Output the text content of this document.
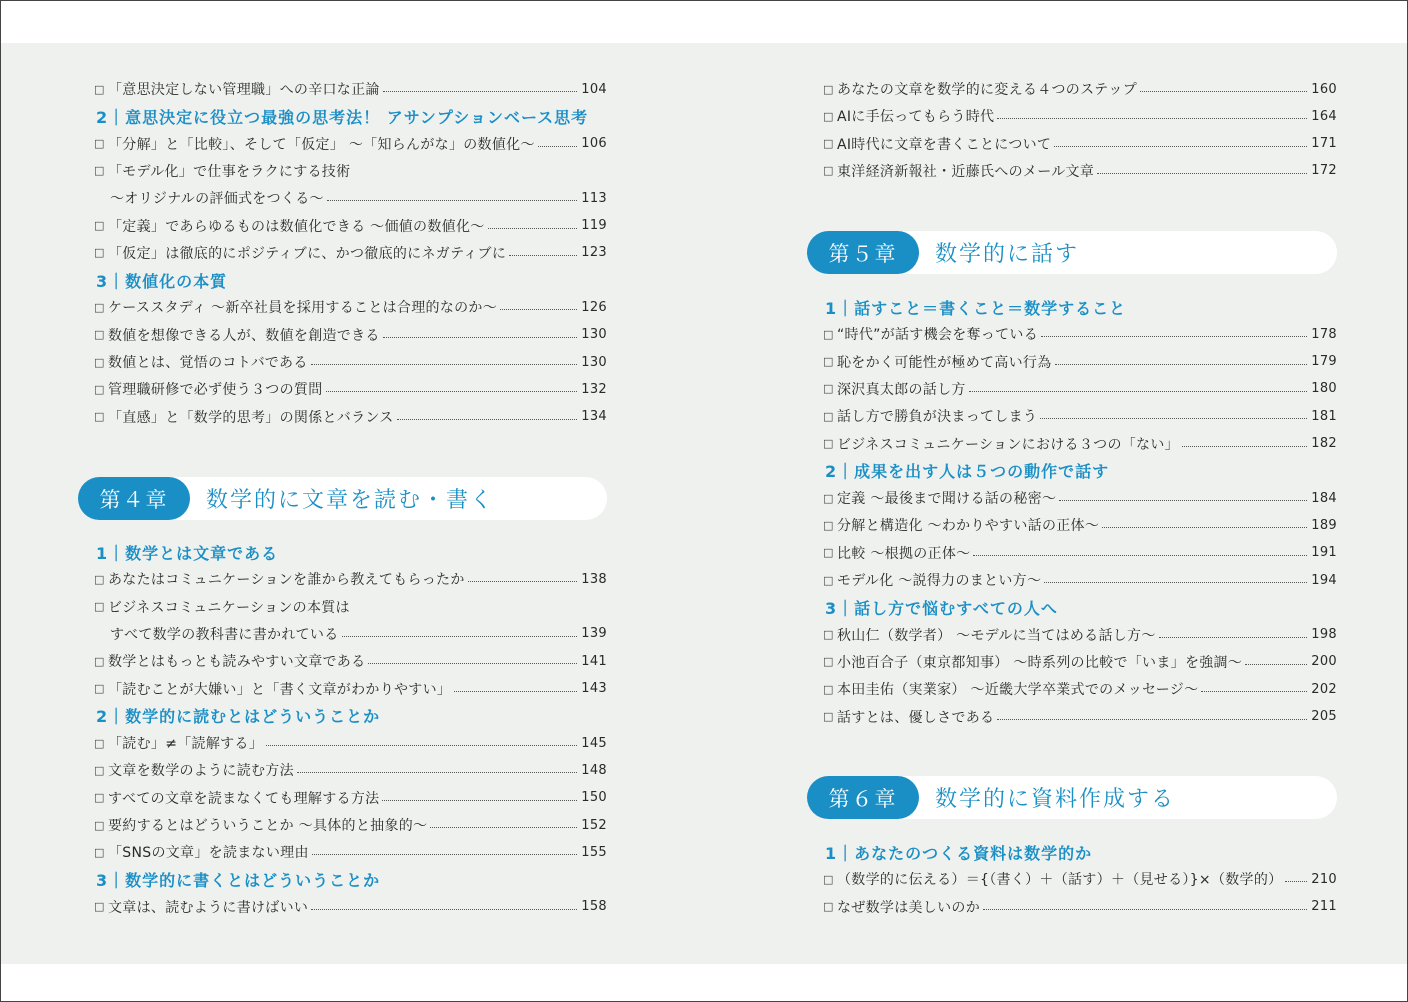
□ 「意思決定しない管理職」への辛口な正論	104
2｜意思決定に役立つ最強の思考法！ アサンプションベース思考
□ 「分解」と「比較」、そして「仮定」 〜「知らんがな」の数値化〜	106
□ 「モデル化」で仕事をラクにする技術
〜オリジナルの評価式をつくる〜	113
□ 「定義」であらゆるものは数値化できる 〜価値の数値化〜	119
□ 「仮定」は徹底的にポジティブに、かつ徹底的にネガティブに	123
3｜数値化の本質
□ ケーススタディ 〜新卒社員を採用することは合理的なのか〜	126
□ 数値を想像できる人が、数値を創造できる	130
□ 数値とは、覚悟のコトバである	130
□ 管理職研修で必ず使う３つの質問	132
□ 「直感」と「数学的思考」の関係とバランス	134
第４章	数学的に文章を読む・書く
1｜数学とは文章である
□ あなたはコミュニケーションを誰から教えてもらったか	138
□ ビジネスコミュニケーションの本質は
すべて数学の教科書に書かれている	139
□ 数学とはもっとも読みやすい文章である	141
□ 「読むことが大嫌い」と「書く文章がわかりやすい」	143
2｜数学的に読むとはどういうことか
□ 「読む」≠「読解する」	145
□ 文章を数学のように読む方法	148
□ すべての文章を読まなくても理解する方法	150
□ 要約するとはどういうことか 〜具体的と抽象的〜	152
□ 「SNSの文章」を読まない理由	155
3｜数学的に書くとはどういうことか
□ 文章は、読むように書けばいい	158
□ あなたの文章を数学的に変える４つのステップ	160
□ AIに手伝ってもらう時代	164
□ AI時代に文章を書くことについて	171
□ 東洋経済新報社・近藤氏へのメール文章	172
第５章	数学的に話す
1｜話すこと＝書くこと＝数学すること
□ “時代”が話す機会を奪っている	178
□ 恥をかく可能性が極めて高い行為	179
□ 深沢真太郎の話し方	180
□ 話し方で勝負が決まってしまう	181
□ ビジネスコミュニケーションにおける３つの「ない」	182
2｜成果を出す人は５つの動作で話す
□ 定義 〜最後まで聞ける話の秘密〜	184
□ 分解と構造化 〜わかりやすい話の正体〜	189
□ 比較 〜根拠の正体〜	191
□ モデル化 〜説得力のまとい方〜	194
3｜話し方で悩むすべての人へ
□ 秋山仁（数学者） 〜モデルに当てはめる話し方〜	198
□ 小池百合子（東京都知事） 〜時系列の比較で「いま」を強調〜	200
□ 本田圭佑（実業家） 〜近畿大学卒業式でのメッセージ〜	202
□ 話すとは、優しさである	205
第６章	数学的に資料作成する
1｜あなたのつくる資料は数学的か
□ （数学的に伝える）＝{（書く）＋（話す）＋（見せる）}×（数学的） 210
□ なぜ数学は美しいのか	211
